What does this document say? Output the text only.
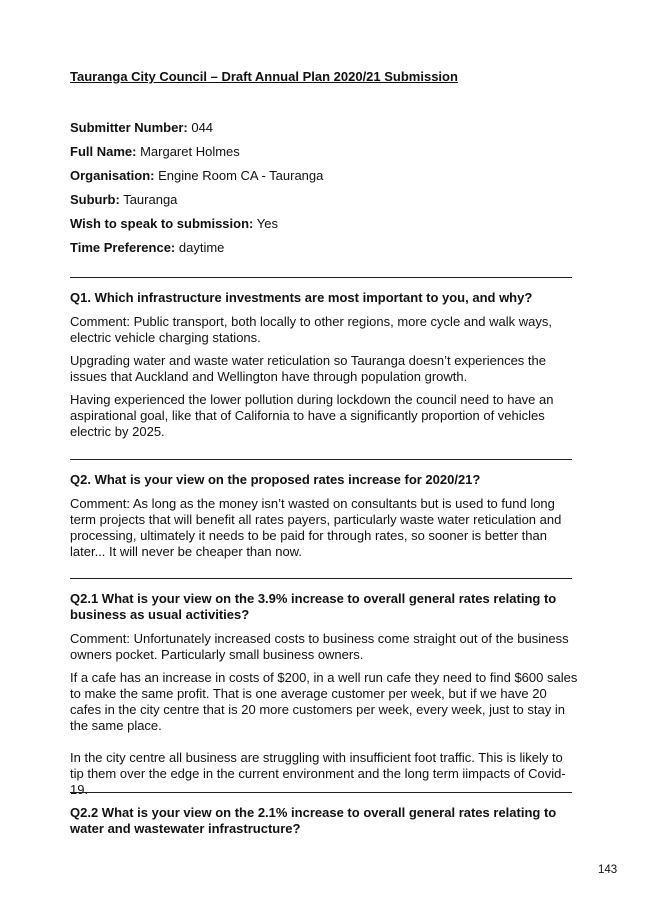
Tauranga City Council – Draft Annual Plan 2020/21 Submission
Submitter Number: 044
Full Name: Margaret Holmes
Organisation: Engine Room CA - Tauranga
Suburb: Tauranga
Wish to speak to submission: Yes
Time Preference: daytime
Q1. Which infrastructure investments are most important to you, and why?
Comment: Public transport, both locally to other regions, more cycle and walk ways, electric vehicle charging stations.
Upgrading water and waste water reticulation so Tauranga doesn’t experiences the issues that Auckland and Wellington have through population growth.
Having experienced the lower pollution during lockdown the council need to have an aspirational goal, like that of California to have a significantly proportion of vehicles electric by 2025.
Q2. What is your view on the proposed rates increase for 2020/21?
Comment: As long as the money isn’t wasted on consultants but is used to fund long term projects that will benefit all rates payers, particularly waste water reticulation and processing, ultimately it needs to be paid for through rates, so sooner is better than later... It will never be cheaper than now.
Q2.1 What is your view on the 3.9% increase to overall general rates relating to business as usual activities?
Comment: Unfortunately increased costs to business come straight out of the business owners pocket. Particularly small business owners.
If a cafe has an increase in costs of $200, in a well run cafe they need to find $600 sales to make the same profit. That is one average customer per week, but if we have 20 cafes in the city centre that is 20 more customers per week, every week, just to stay in the same place.
In the city centre all business are struggling with insufficient foot traffic. This is likely to tip them over the edge in the current environment and the long term iimpacts of Covid-19.
Q2.2 What is your view on the 2.1% increase to overall general rates relating to water and wastewater infrastructure?
143
